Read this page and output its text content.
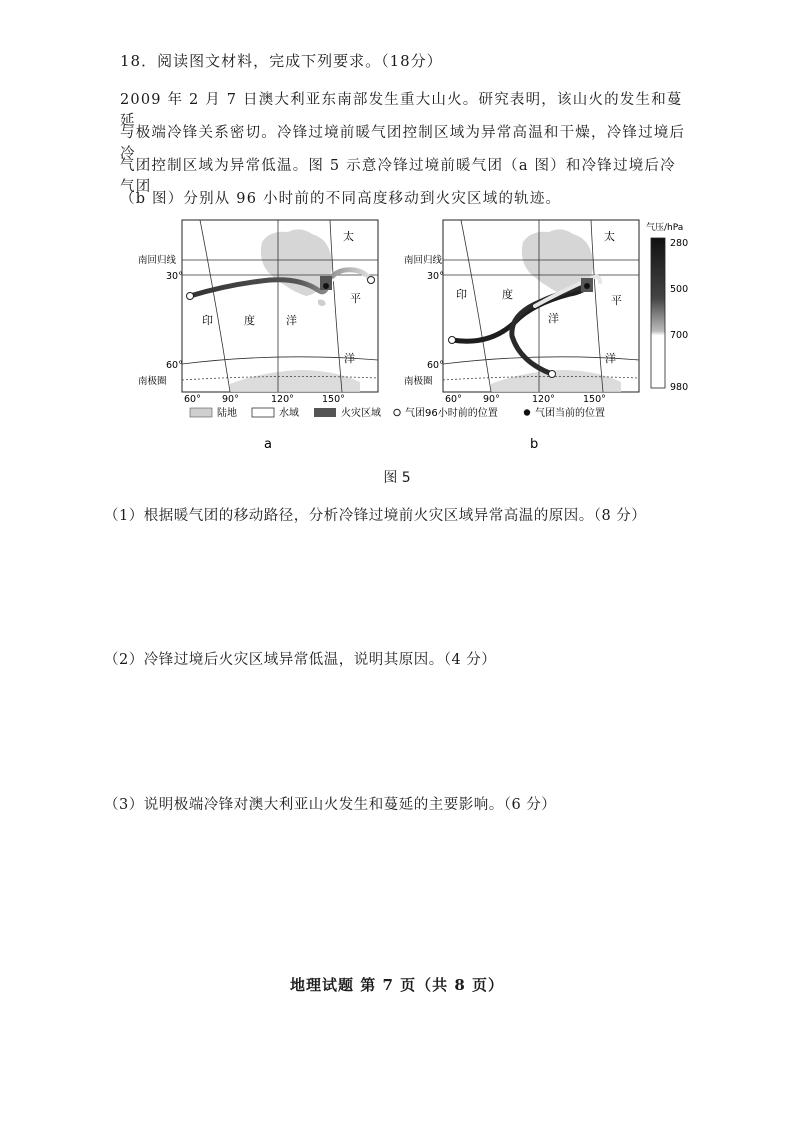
18．阅读图文材料，完成下列要求。（18分）
2009 年 2 月 7 日澳大利亚东南部发生重大山火。研究表明，该山火的发生和蔓延
与极端冷锋关系密切。冷锋过境前暖气团控制区域为异常高温和干燥，冷锋过境后冷
气团控制区域为异常低温。图 5 示意冷锋过境前暖气团（a 图）和冷锋过境后冷气团
（b 图）分别从 96 小时前的不同高度移动到火灾区域的轨迹。
太
平
洋
印	度	洋
南回归线
30°
60°
南极圈
60° 90°	120°	150°
太
平
洋
印	度
洋
南回归线
30°
60°
南极圈
60° 90°	120°	150°
气压/hPa
280
500
700
980
陆地	水域	火灾区域 气团96小时前的位置	气团当前的位置
a	b
图 5
（1）根据暖气团的移动路径，分析冷锋过境前火灾区域异常高温的原因。（8 分）
（2）冷锋过境后火灾区域异常低温，说明其原因。（4 分）
（3）说明极端冷锋对澳大利亚山火发生和蔓延的主要影响。（6 分）
地理试题 第 7 页（共 8 页）
